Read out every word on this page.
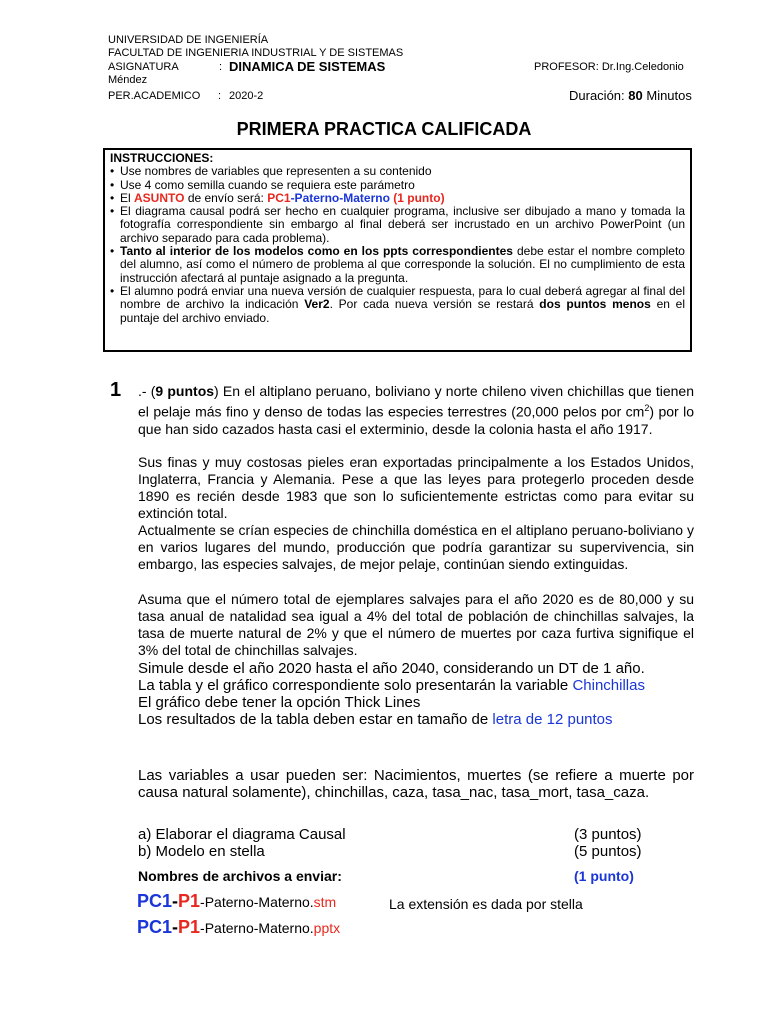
UNIVERSIDAD DE INGENIERÍA
FACULTAD DE INGENIERIA INDUSTRIAL Y DE SISTEMAS
ASIGNATURA	: DINAMICA DE SISTEMAS	PROFESOR: Dr.Ing.Celedonio
Méndez
PER.ACADEMICO : 2020-2	Duración: 80 Minutos
PRIMERA PRACTICA CALIFICADA
INSTRUCCIONES:
• Use nombres de variables que representen a su contenido
• Use 4 como semilla cuando se requiera este parámetro
• El ASUNTO de envío será: PC1-Paterno-Materno (1 punto)
• El diagrama causal podrá ser hecho en cualquier programa, inclusive ser dibujado a mano y tomada la fotografía correspondiente sin embargo al final deberá ser incrustado en un archivo PowerPoint (un archivo separado para cada problema).
• Tanto al interior de los modelos como en los ppts correspondientes debe estar el nombre completo del alumno, así como el número de problema al que corresponde la solución. El no cumplimiento de esta instrucción afectará al puntaje asignado a la pregunta.
• El alumno podrá enviar una nueva versión de cualquier respuesta, para lo cual deberá agregar al final del nombre de archivo la indicación Ver2. Por cada nueva versión se restará dos puntos menos en el puntaje del archivo enviado.
1 .- (9 puntos) En el altiplano peruano, boliviano y norte chileno viven chichillas que tienen el pelaje más fino y denso de todas las especies terrestres (20,000 pelos por $cm^2$) por lo que han sido cazados hasta casi el exterminio, desde la colonia hasta el año 1917.

Sus finas y muy costosas pieles eran exportadas principalmente a los Estados Unidos, Inglaterra, Francia y Alemania. Pese a que las leyes para protegerlo proceden desde 1890 es recién desde 1983 que son lo suficientemente estrictas como para evitar su extinción total.

Actualmente se crían especies de chinchilla doméstica en el altiplano peruano-boliviano y en varios lugares del mundo, producción que podría garantizar su supervivencia, sin embargo, las especies salvajes, de mejor pelaje, continúan siendo extinguidas.

Asuma que el número total de ejemplares salvajes para el año 2020 es de 80,000 y su tasa anual de natalidad sea igual a 4% del total de población de chinchillas salvajes, la tasa de muerte natural de 2% y que el número de muertes por caza furtiva signifique el 3% del total de chinchillas salvajes.

Simule desde el año 2020 hasta el año 2040, considerando un DT de 1 año.

La tabla y el gráfico correspondiente solo presentarán la variable Chinchillas

El gráfico debe tener la opción Thick Lines

Los resultados de la tabla deben estar en tamaño de letra de 12 puntos

Las variables a usar pueden ser: Nacimientos, muertes (se refiere a muerte por causa natural solamente), chinchillas, caza, tasa_nac, tasa_mort, tasa_caza.

a) Elaborar el diagrama Causal	(3 puntos)
b) Modelo en stella	(5 puntos)
Nombres de archivos a enviar:	(1 punto)
PC1-P1-Paterno-Materno.stm	La extensión es dada por stella
PC1-P1-Paterno-Materno.pptx
